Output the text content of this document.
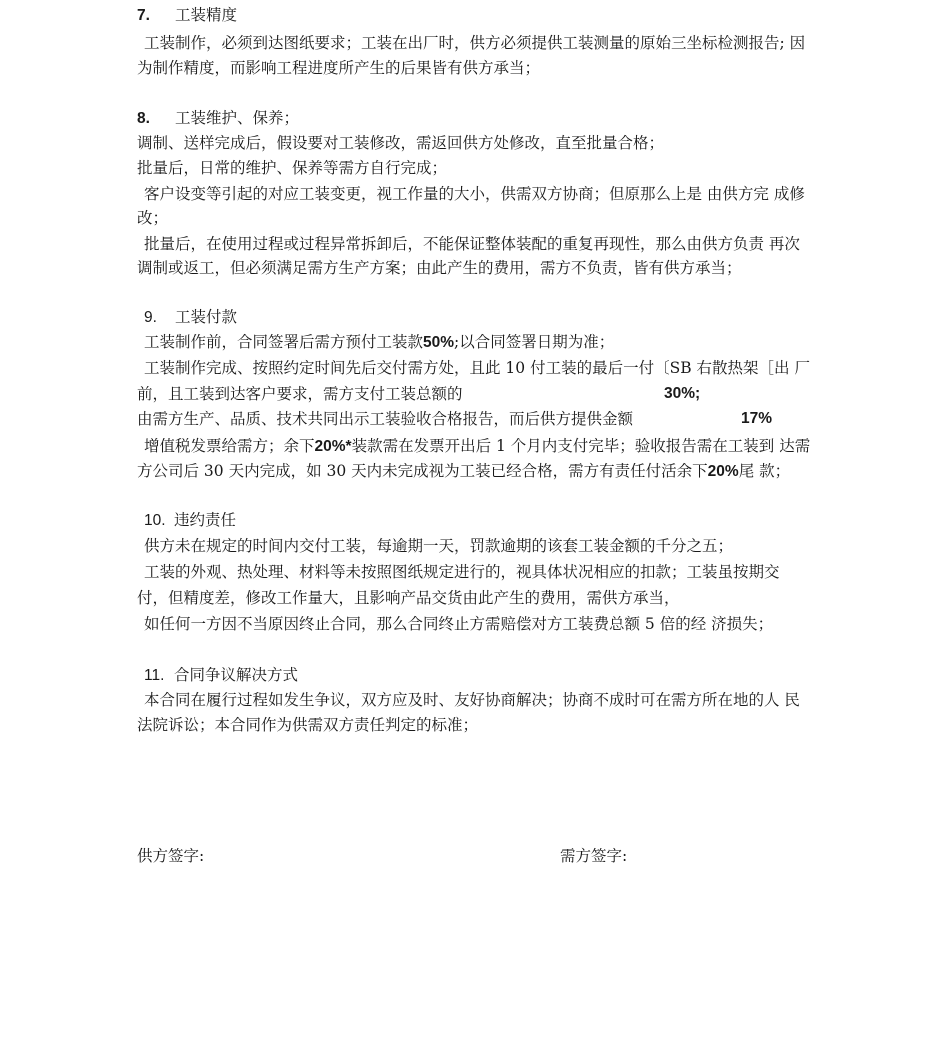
7. 工装精度
工装制作，必须到达图纸要求；工装在出厂时，供方必须提供工装测量的原始三坐标检测报告; 因
为制作精度，而影响工程进度所产生的后果皆有供方承当；
8. 工装维护、保养；
调制、送样完成后，假设要对工装修改，需返回供方处修改，直至批量合格；
批量后，日常的维护、保养等需方自行完成；
客户设变等引起的对应工装变更，视工作量的大小，供需双方协商；但原那么上是 由供方完 成修
改；
批量后，在使用过程或过程异常拆卸后，不能保证整体装配的重复再现性，那么由供方负责 再次
调制或返工，但必须满足需方生产方案；由此产生的费用，需方不负责，皆有供方承当；
9. 工装付款
工装制作前，合同签署后需方预付工装款50%;以合同签署日期为准；
工装制作完成、按照约定时间先后交付需方处，且此 10 付工装的最后一付〔SB 右散热架［出 厂
前，且工装到达客户要求，需方支付工装总额的	30%;
由需方生产、品质、技术共同出示工装验收合格报告，而后供方提供金额	17%
增值税发票给需方；余下20%*装款需在发票开出后 1 个月内支付完毕；验收报告需在工装到 达需
方公司后 30 天内完成，如 30 天内未完成视为工装已经合格，需方有责任付活余下20%尾 款；
10. 违约责任
供方未在规定的时间内交付工装，每逾期一天，罚款逾期的该套工装金额的千分之五；
工装的外观、热处理、材料等未按照图纸规定进行的，视具体状况相应的扣款；工装虽按期交
付，但精度差，修改工作量大，且影响产品交货由此产生的费用，需供方承当，
如任何一方因不当原因终止合同，那么合同终止方需赔偿对方工装费总额 5 倍的经 济损失；
11. 合同争议解决方式
本合同在履行过程如发生争议，双方应及时、友好协商解决；协商不成时可在需方所在地的人 民
法院诉讼；本合同作为供需双方责任判定的标准；
供方签字:	需方签字:
